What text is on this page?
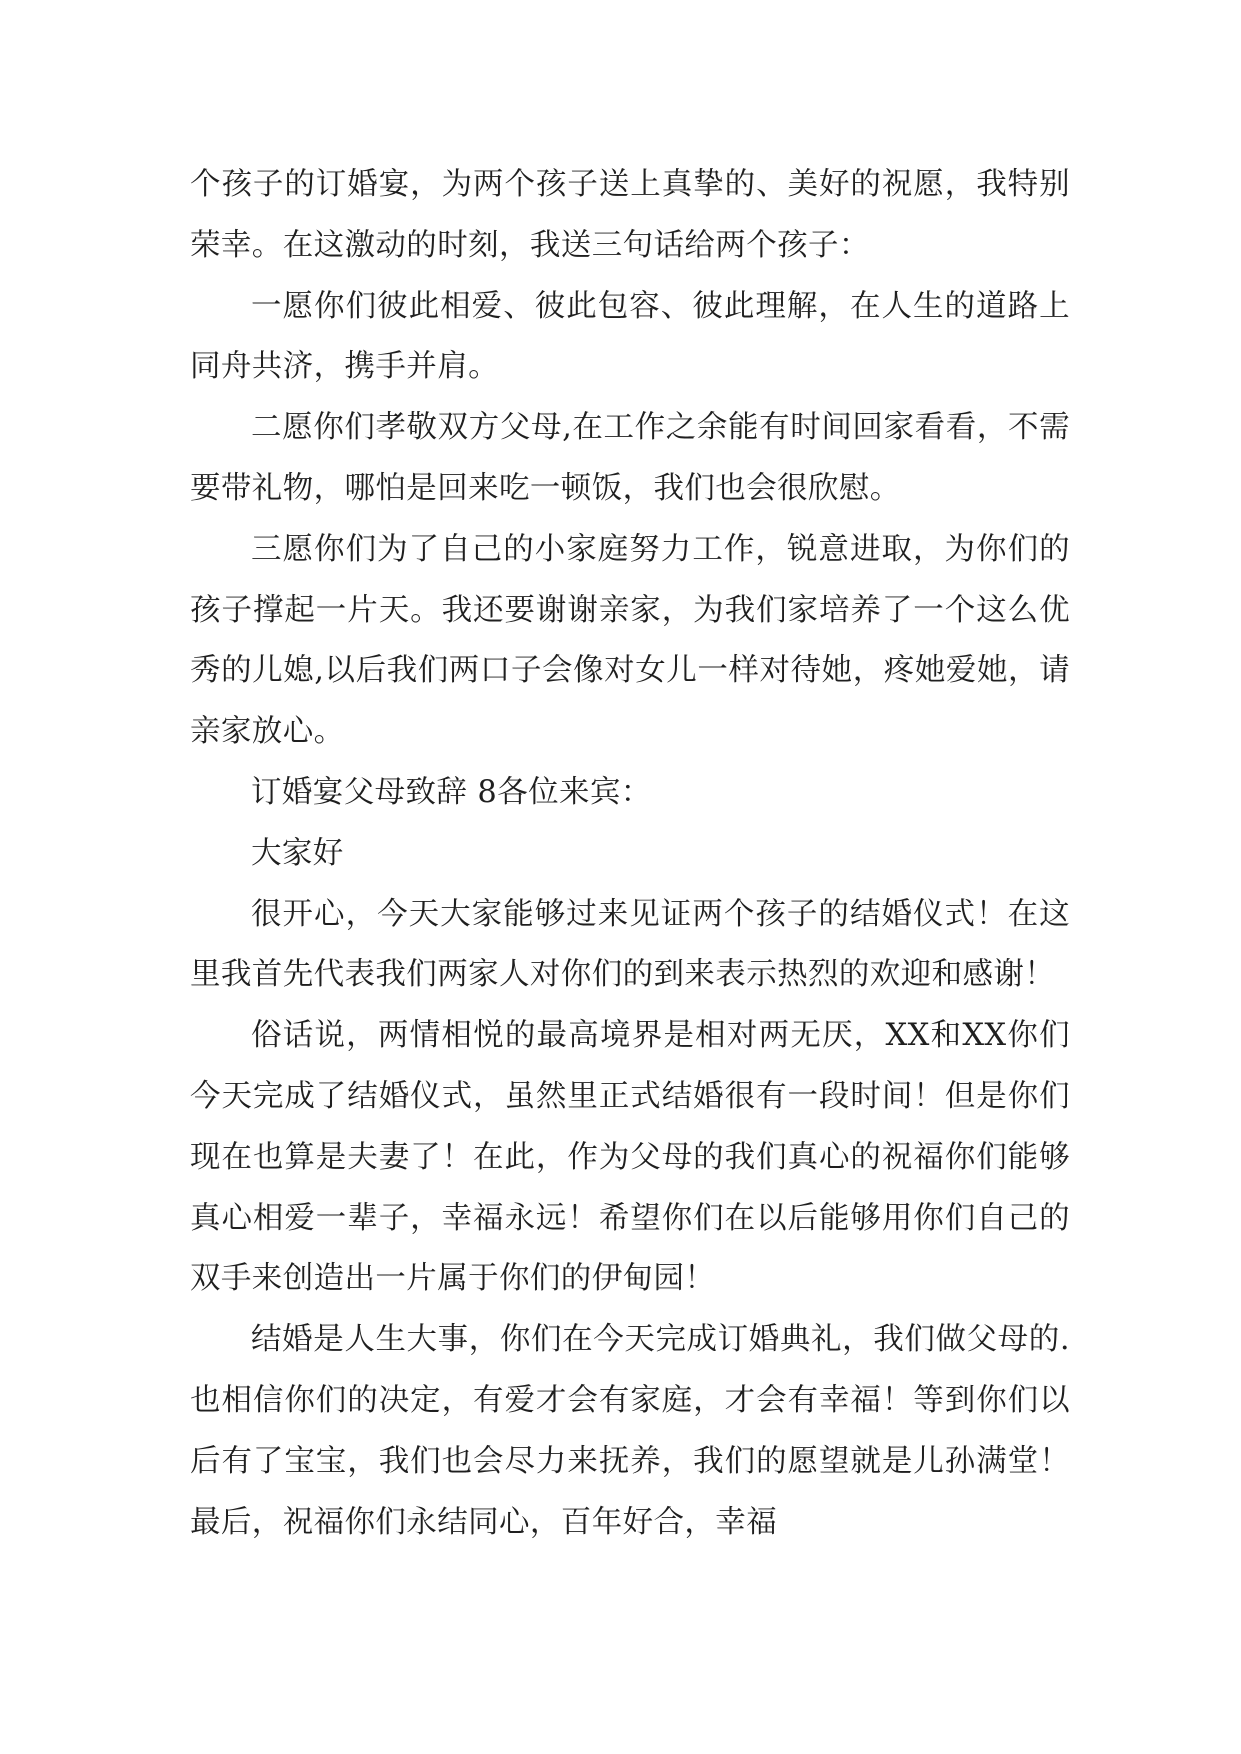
个孩子的订婚宴，为两个孩子送上真挚的、美好的祝愿，我特别荣幸。在这激动的时刻，我送三句话给两个孩子：

一愿你们彼此相爱、彼此包容、彼此理解，在人生的道路上同舟共济，携手并肩。

二愿你们孝敬双方父母,在工作之余能有时间回家看看，不需要带礼物，哪怕是回来吃一顿饭，我们也会很欣慰。

三愿你们为了自己的小家庭努力工作，锐意进取，为你们的孩子撑起一片天。我还要谢谢亲家，为我们家培养了一个这么优秀的儿媳,以后我们两口子会像对女儿一样对待她，疼她爱她，请亲家放心。

订婚宴父母致辞 8各位来宾：

大家好

很开心，今天大家能够过来见证两个孩子的结婚仪式！在这里我首先代表我们两家人对你们的到来表示热烈的欢迎和感谢！

俗话说，两情相悦的最高境界是相对两无厌，XX和XX你们今天完成了结婚仪式，虽然里正式结婚很有一段时间！但是你们现在也算是夫妻了！在此，作为父母的我们真心的祝福你们能够真心相爱一辈子，幸福永远！希望你们在以后能够用你们自己的双手来创造出一片属于你们的伊甸园！

结婚是人生大事，你们在今天完成订婚典礼，我们做父母的.也相信你们的决定，有爱才会有家庭，才会有幸福！等到你们以后有了宝宝，我们也会尽力来抚养，我们的愿望就是儿孙满堂！最后，祝福你们永结同心，百年好合，幸福
